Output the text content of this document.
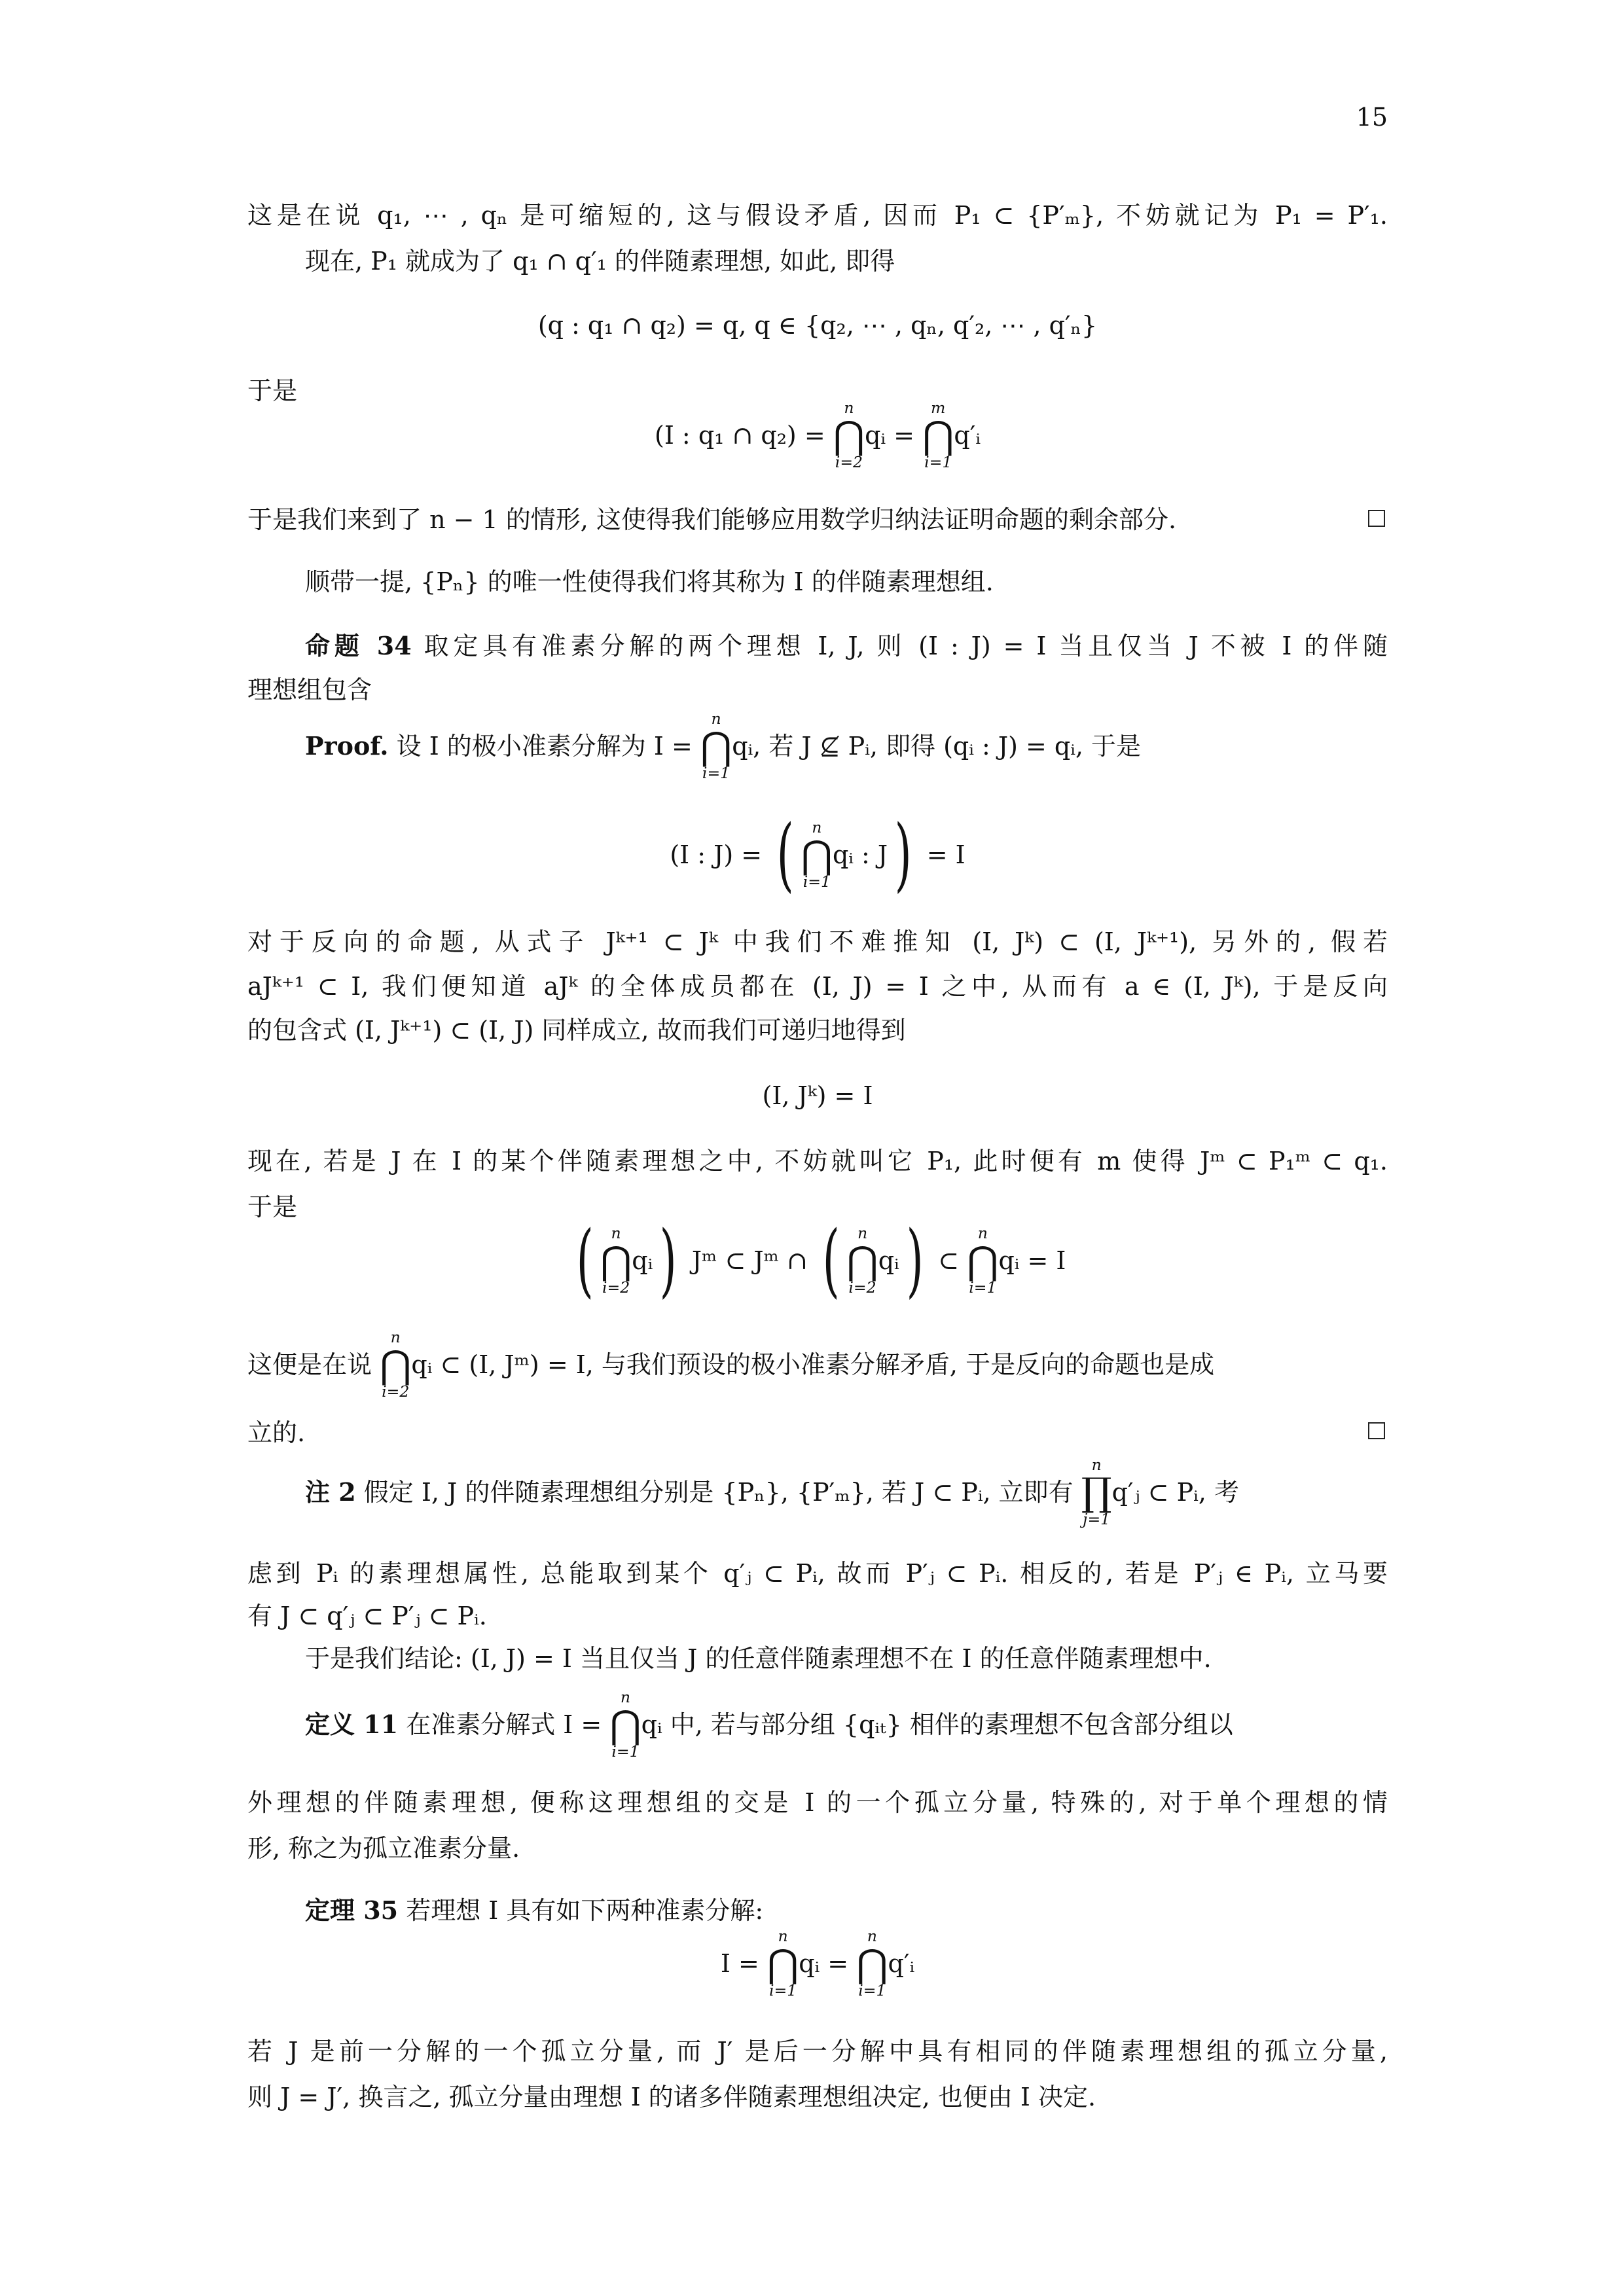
15
这是在说 q₁, ⋯ , qₙ 是可缩短的, 这与假设矛盾, 因而 P₁ ⊂ {P′ₘ}, 不妨就记为 P₁ = P′₁.
现在, P₁ 就成为了 q₁ ∩ q′₁ 的伴随素理想, 如此, 即得
(q : q₁ ∩ q₂) = q, q ∈ {q₂, ⋯ , qₙ, q′₂, ⋯ , q′ₙ}
于是
(I : q₁ ∩ q₂) =

n
⋂
i=2
qᵢ =

m
⋂
i=1
q′ᵢ
于是我们来到了 n − 1 的情形, 这使得我们能够应用数学归纳法证明命题的剩余部分.
顺带一提, {Pₙ} 的唯一性使得我们将其称为 I 的伴随素理想组.
命题 34 取定具有准素分解的两个理想 I, J, 则 (I : J) = I 当且仅当 J 不被 I 的伴随
理想组包含
Proof.
设 I 的极小准素分解为 I =

n
⋂
i=1
qᵢ, 若 J ⊈ Pᵢ, 即得 (qᵢ : J) = qᵢ, 于是
(I : J) =
(	n
⋂
i=1
qᵢ : J )
= I
对于反向的命题, 从式子 Jᵏ⁺¹ ⊂ Jᵏ 中我们不难推知 (I, Jᵏ) ⊂ (I, Jᵏ⁺¹), 另外的, 假若
aJᵏ⁺¹ ⊂ I, 我们便知道 aJᵏ 的全体成员都在 (I, J) = I 之中, 从而有 a ∈ (I, Jᵏ), 于是反向
的包含式 (I, Jᵏ⁺¹) ⊂ (I, J) 同样成立, 故而我们可递归地得到
(I, Jᵏ) = I
现在, 若是 J 在 I 的某个伴随素理想之中, 不妨就叫它 P₁, 此时便有 m 使得 Jᵐ ⊂ P₁ᵐ ⊂ q₁.
于是
(	n
⋂
i=2
qᵢ )
Jᵐ ⊂ Jᵐ ∩
(	n
⋂
i=2
qᵢ )
⊂

n
⋂
i=1
qᵢ = I
这便是在说

n
⋂
i=2
qᵢ ⊂ (I, Jᵐ) = I, 与我们预设的极小准素分解矛盾, 于是反向的命题也是成
立的.
注 2
假定 I, J 的伴随素理想组分别是 {Pₙ}, {P′ₘ}, 若 J ⊂ Pᵢ, 立即有

n
∏
j=1
q′ⱼ ⊂ Pᵢ, 考
虑到 Pᵢ 的素理想属性, 总能取到某个 q′ⱼ ⊂ Pᵢ, 故而 P′ⱼ ⊂ Pᵢ. 相反的, 若是 P′ⱼ ∈ Pᵢ, 立马要
有 J ⊂ q′ⱼ ⊂ P′ⱼ ⊂ Pᵢ.
于是我们结论: (I, J) = I 当且仅当 J 的任意伴随素理想不在 I 的任意伴随素理想中.
定义 11
在准素分解式 I =

n
⋂
i=1
qᵢ 中, 若与部分组 {qᵢₜ} 相伴的素理想不包含部分组以
外理想的伴随素理想, 便称这理想组的交是 I 的一个孤立分量, 特殊的, 对于单个理想的情
形, 称之为孤立准素分量.
定理 35 若理想 I 具有如下两种准素分解:
I =

n
⋂
i=1
qᵢ =

n
⋂
i=1
q′ᵢ
若 J 是前一分解的一个孤立分量, 而 J′ 是后一分解中具有相同的伴随素理想组的孤立分量,
则 J = J′, 换言之, 孤立分量由理想 I 的诸多伴随素理想组决定, 也便由 I 决定.
